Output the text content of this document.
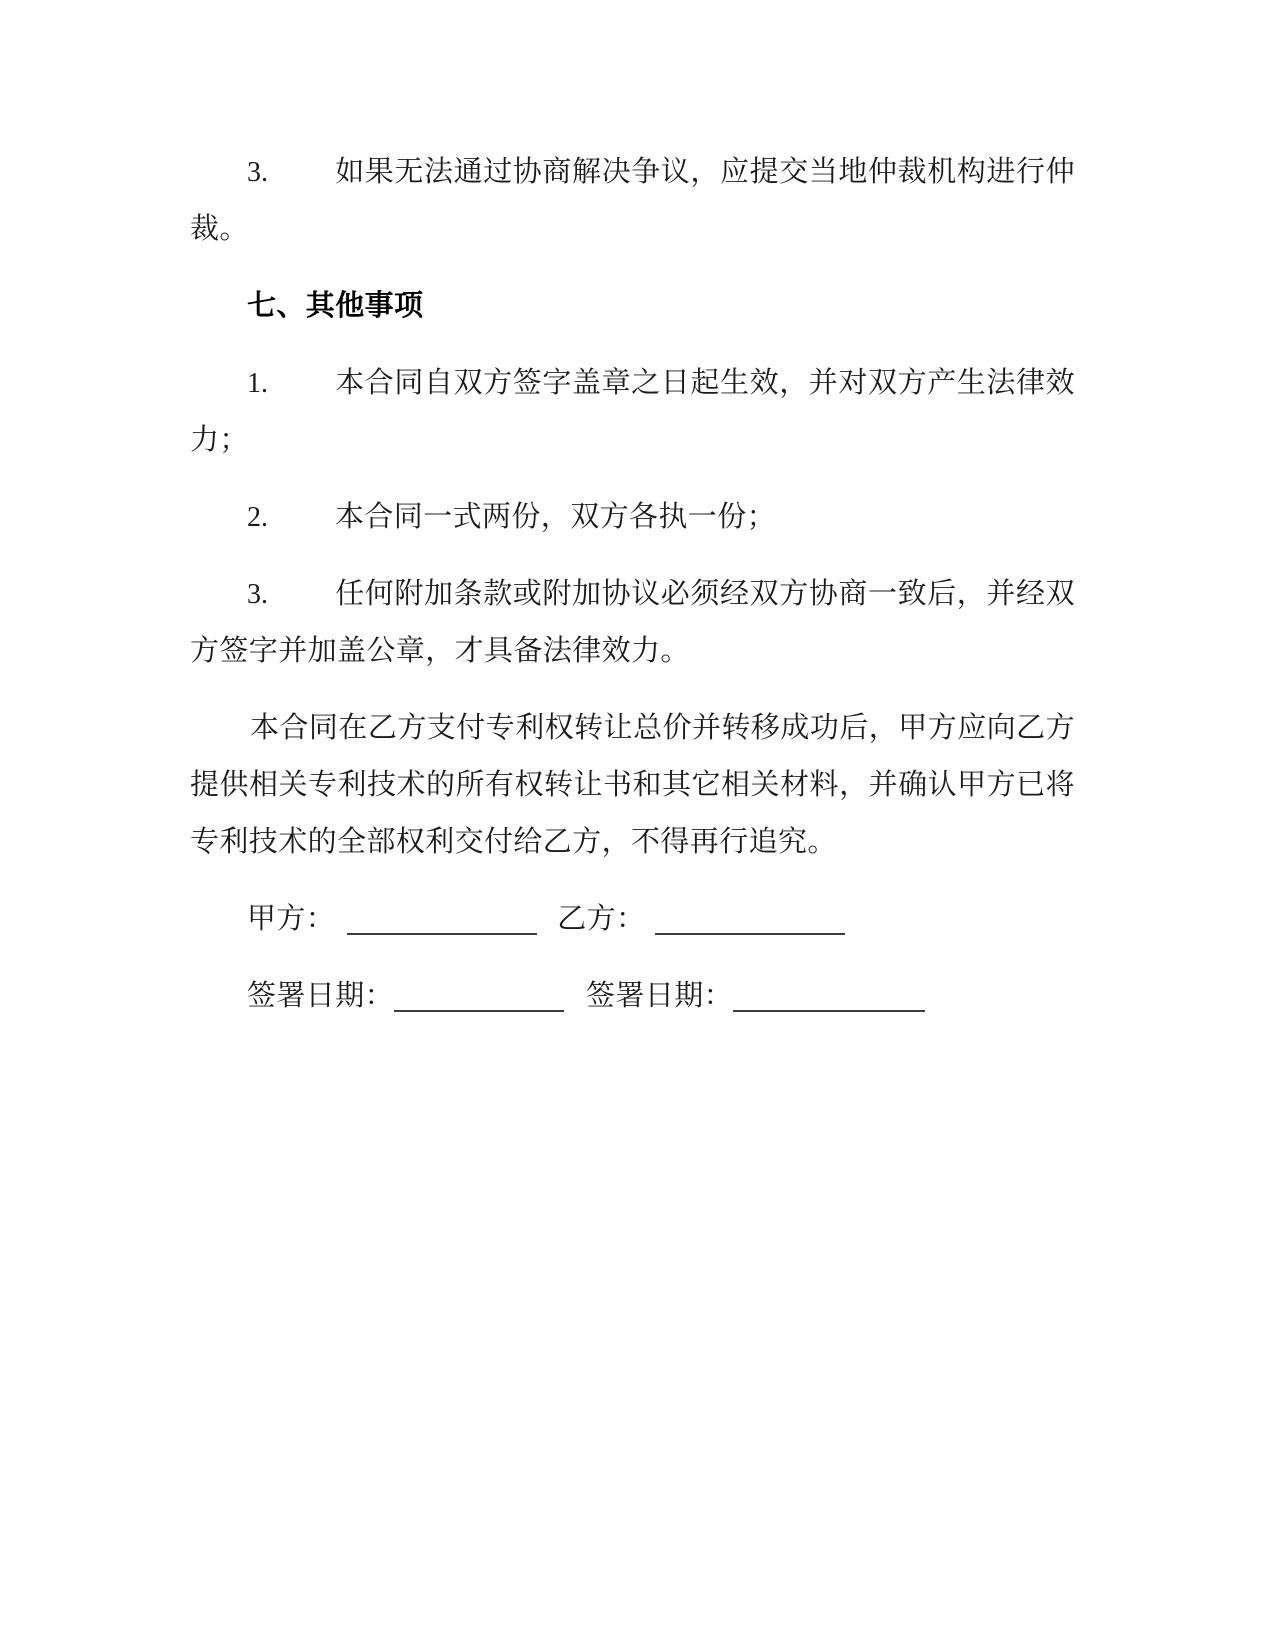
3. 如果无法通过协商解决争议，应提交当地仲裁机构进行仲裁。

七、其他事项

1. 本合同自双方签字盖章之日起生效，并对双方产生法律效力；

2. 本合同一式两份，双方各执一份；

3. 任何附加条款或附加协议必须经双方协商一致后，并经双方签字并加盖公章，才具备法律效力。

本合同在乙方支付专利权转让总价并转移成功后，甲方应向乙方提供相关专利技术的所有权转让书和其它相关材料，并确认甲方已将专利技术的全部权利交付给乙方，不得再行追究。

甲方：	乙方：

签署日期：	签署日期：
